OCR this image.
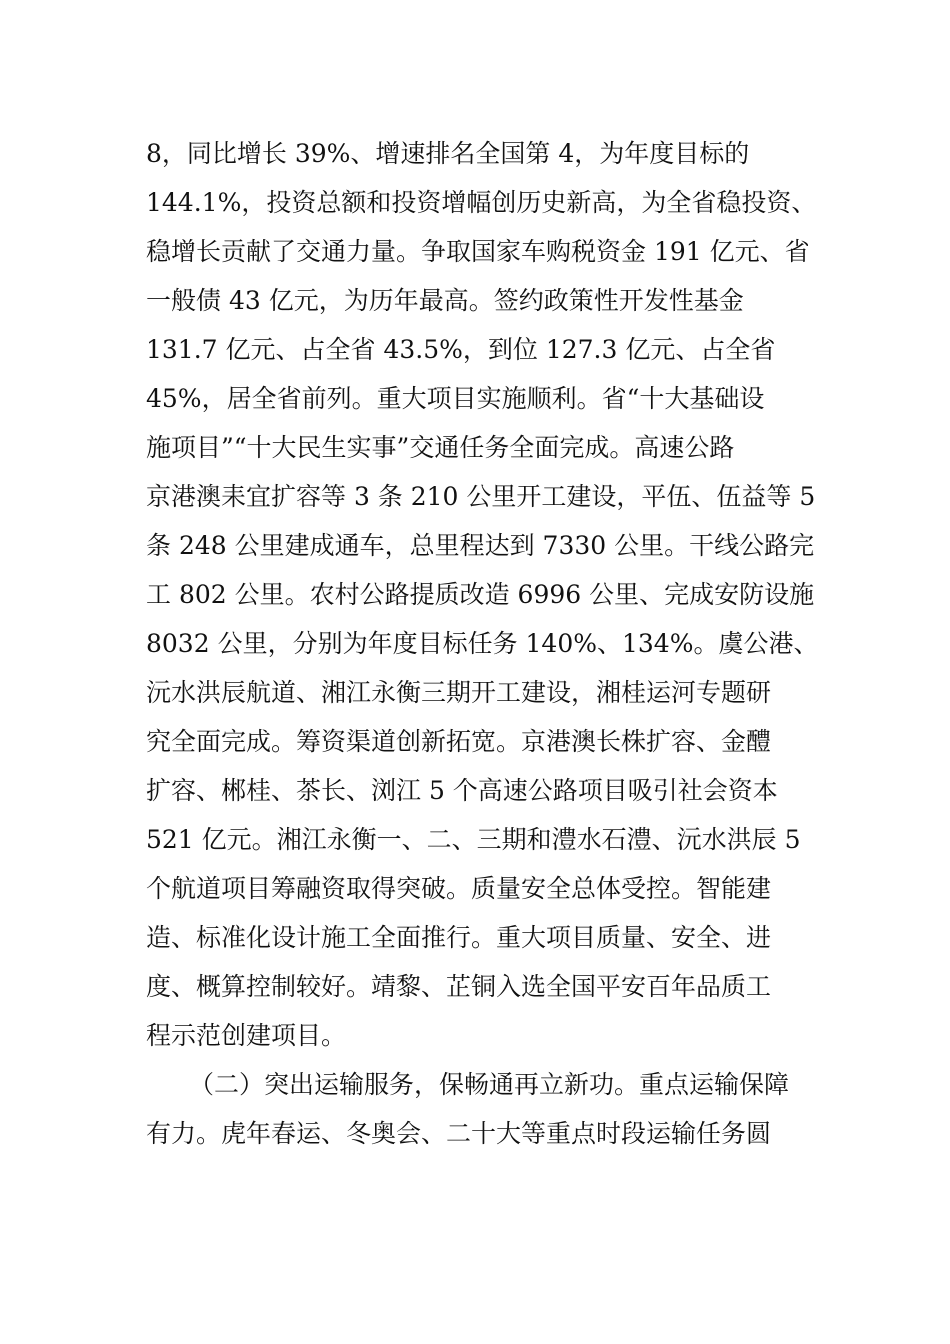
8，同比增长 39%、增速排名全国第 4，为年度目标的
144.1%，投资总额和投资增幅创历史新高，为全省稳投资、
稳增长贡献了交通力量。争取国家车购税资金 191 亿元、省
一般债 43 亿元，为历年最高。签约政策性开发性基金
131.7 亿元、占全省 43.5%，到位 127.3 亿元、占全省
45%，居全省前列。重大项目实施顺利。省“十大基础设
施项目”“十大民生实事”交通任务全面完成。高速公路
京港澳耒宜扩容等 3 条 210 公里开工建设，平伍、伍益等 5
条 248 公里建成通车，总里程达到 7330 公里。干线公路完
工 802 公里。农村公路提质改造 6996 公里、完成安防设施
8032 公里，分别为年度目标任务 140%、134%。虞公港、
沅水洪辰航道、湘江永衡三期开工建设，湘桂运河专题研
究全面完成。筹资渠道创新拓宽。京港澳长株扩容、金醴
扩容、郴桂、茶长、浏江 5 个高速公路项目吸引社会资本
521 亿元。湘江永衡一、二、三期和澧水石澧、沅水洪辰 5
个航道项目筹融资取得突破。质量安全总体受控。智能建
造、标准化设计施工全面推行。重大项目质量、安全、进
度、概算控制较好。靖黎、芷铜入选全国平安百年品质工
程示范创建项目。
（二）突出运输服务，保畅通再立新功。重点运输保障
有力。虎年春运、冬奥会、二十大等重点时段运输任务圆
